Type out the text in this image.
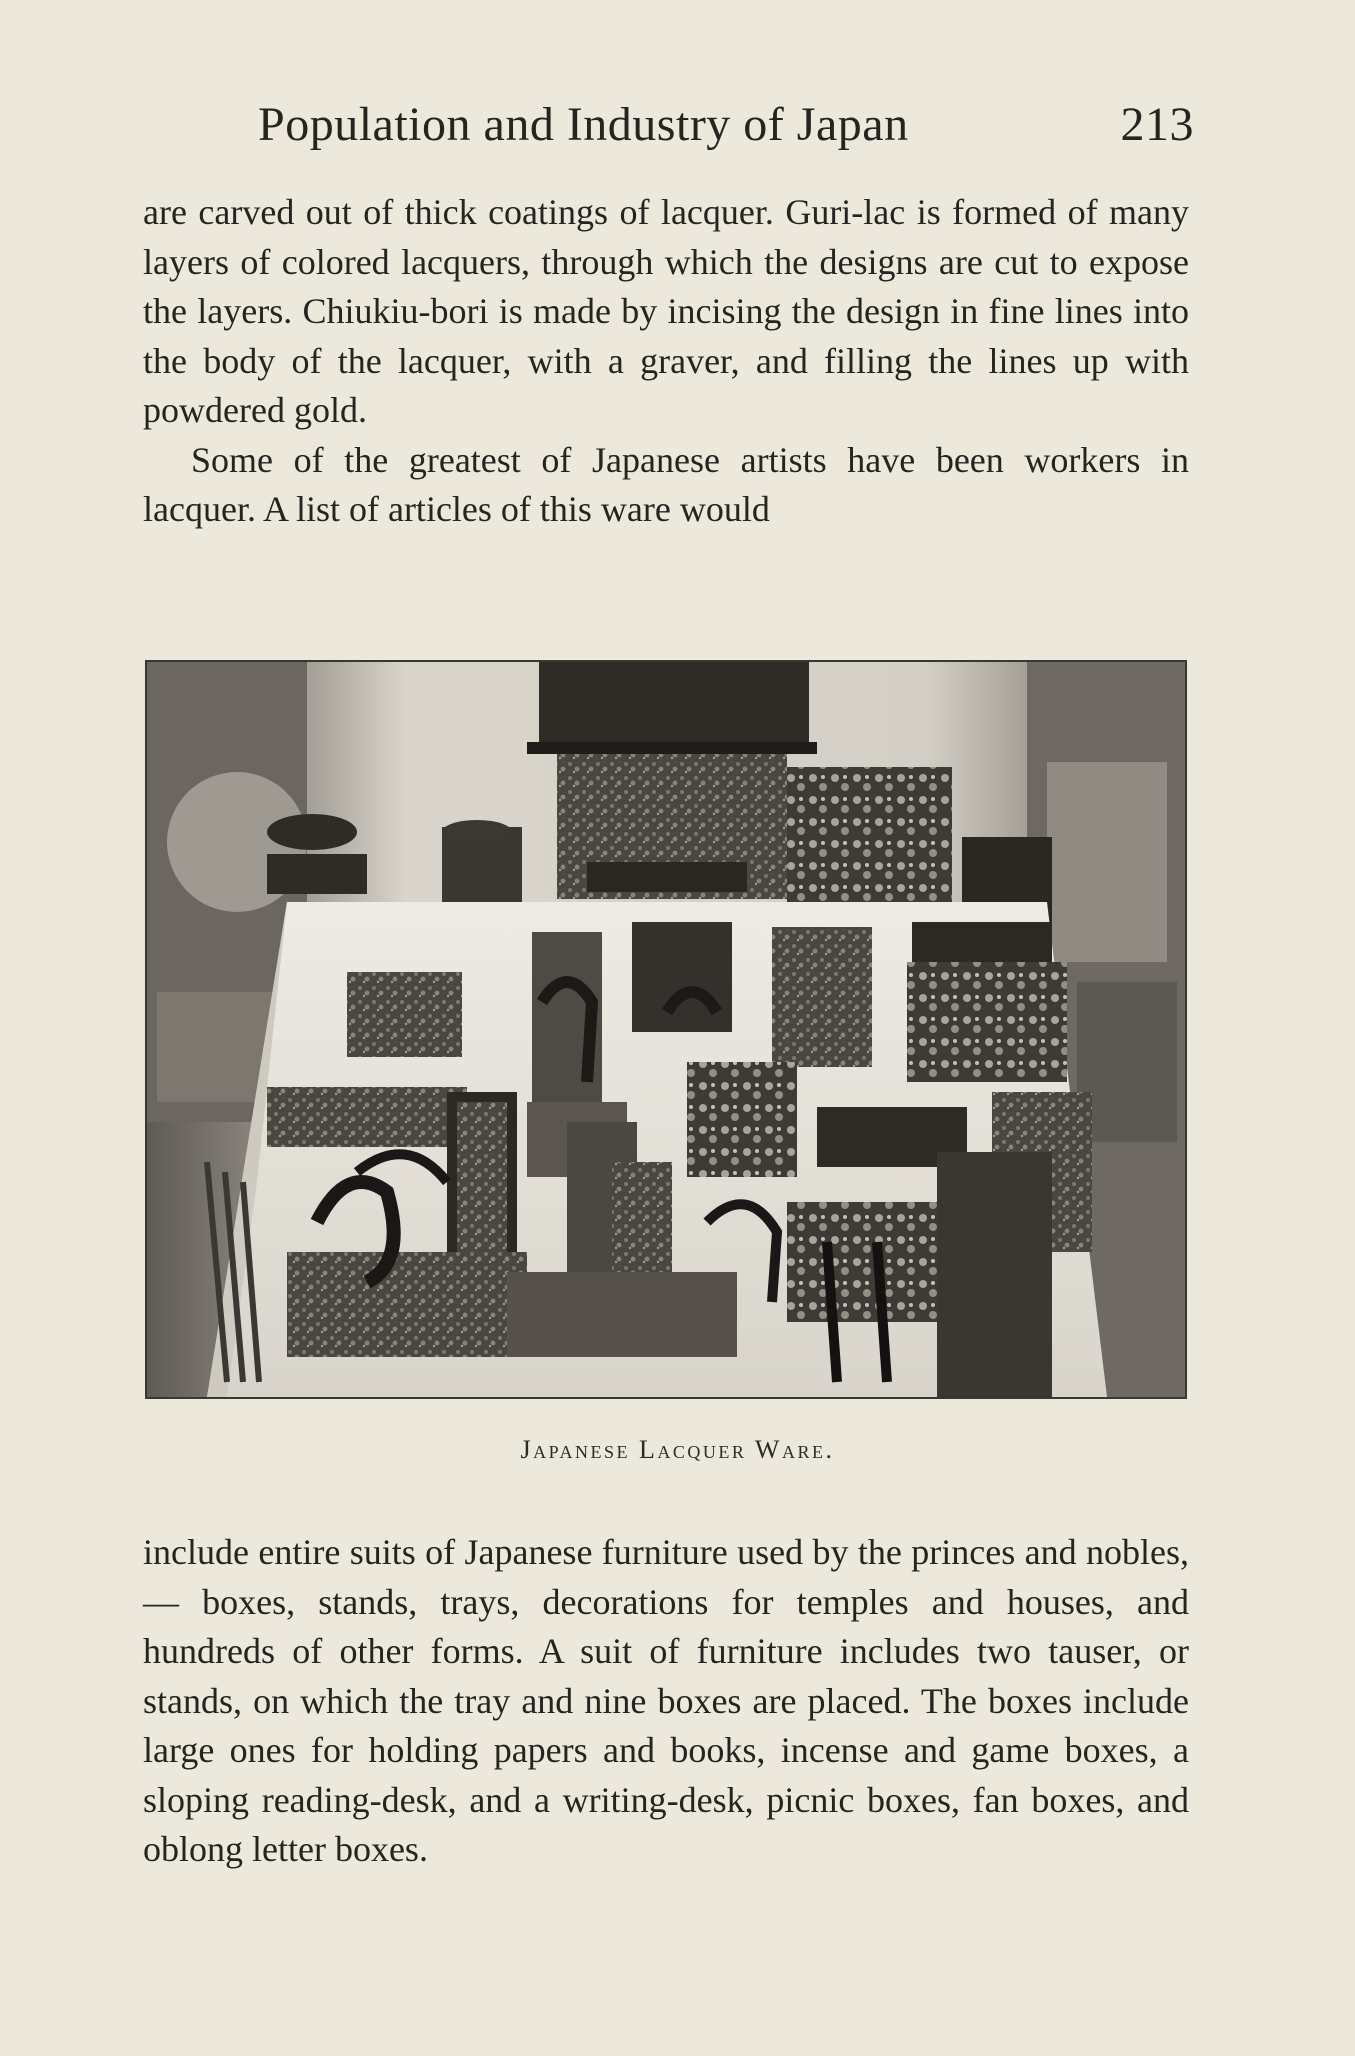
Population and Industry of Japan	213

are carved out of thick coatings of lacquer. Guri-lac is formed of many layers of colored lacquers, through which the designs are cut to expose the layers. Chiukiu-bori is made by incising the design in fine lines into the body of the lacquer, with a graver, and filling the lines up with powdered gold.

Some of the greatest of Japanese artists have been workers in lacquer. A list of articles of this ware would

Japanese Lacquer Ware.

include entire suits of Japanese furniture used by the princes and nobles, — boxes, stands, trays, decorations for temples and houses, and hundreds of other forms. A suit of furniture includes two tauser, or stands, on which the tray and nine boxes are placed. The boxes include large ones for holding papers and books, incense and game boxes, a sloping reading-desk, and a writing-desk, picnic boxes, fan boxes, and oblong letter boxes.
